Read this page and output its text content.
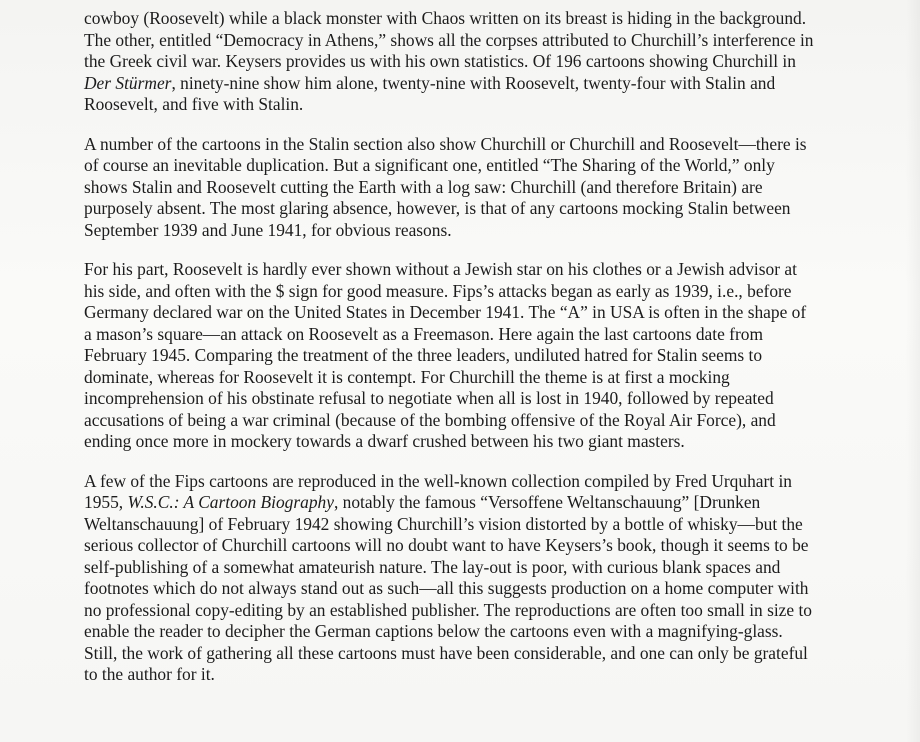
cowboy (Roosevelt) while a black monster with Chaos written on its breast is hiding in the background. The other, entitled “Democracy in Athens,” shows all the corpses attributed to Churchill’s interference in the Greek civil war. Keysers provides us with his own statistics. Of 196 cartoons showing Churchill in Der Stürmer, ninety-nine show him alone, twenty-nine with Roosevelt, twenty-four with Stalin and Roosevelt, and five with Stalin.

A number of the cartoons in the Stalin section also show Churchill or Churchill and Roosevelt—there is of course an inevitable duplication. But a significant one, entitled “The Sharing of the World,” only shows Stalin and Roosevelt cutting the Earth with a log saw: Churchill (and therefore Britain) are purposely absent. The most glaring absence, however, is that of any cartoons mocking Stalin between September 1939 and June 1941, for obvious reasons.

For his part, Roosevelt is hardly ever shown without a Jewish star on his clothes or a Jewish advisor at his side, and often with the $ sign for good measure. Fips’s attacks began as early as 1939, i.e., before Germany declared war on the United States in December 1941. The “A” in USA is often in the shape of a mason’s square—an attack on Roosevelt as a Freemason. Here again the last cartoons date from February 1945. Comparing the treatment of the three leaders, undiluted hatred for Stalin seems to dominate, whereas for Roosevelt it is contempt. For Churchill the theme is at first a mocking incomprehension of his obstinate refusal to negotiate when all is lost in 1940, followed by repeated accusations of being a war criminal (because of the bombing offensive of the Royal Air Force), and ending once more in mockery towards a dwarf crushed between his two giant masters.

A few of the Fips cartoons are reproduced in the well-known collection compiled by Fred Urquhart in 1955, W.S.C.: A Cartoon Biography, notably the famous “Versoffene Weltanschauung” [Drunken Weltanschauung] of February 1942 showing Churchill’s vision distorted by a bottle of whisky—but the serious collector of Churchill cartoons will no doubt want to have Keysers’s book, though it seems to be self-publishing of a somewhat amateurish nature. The lay-out is poor, with curious blank spaces and footnotes which do not always stand out as such—all this suggests production on a home computer with no professional copy-editing by an established publisher. The reproductions are often too small in size to enable the reader to decipher the German captions below the cartoons even with a magnifying-glass. Still, the work of gathering all these cartoons must have been considerable, and one can only be grateful to the author for it.
